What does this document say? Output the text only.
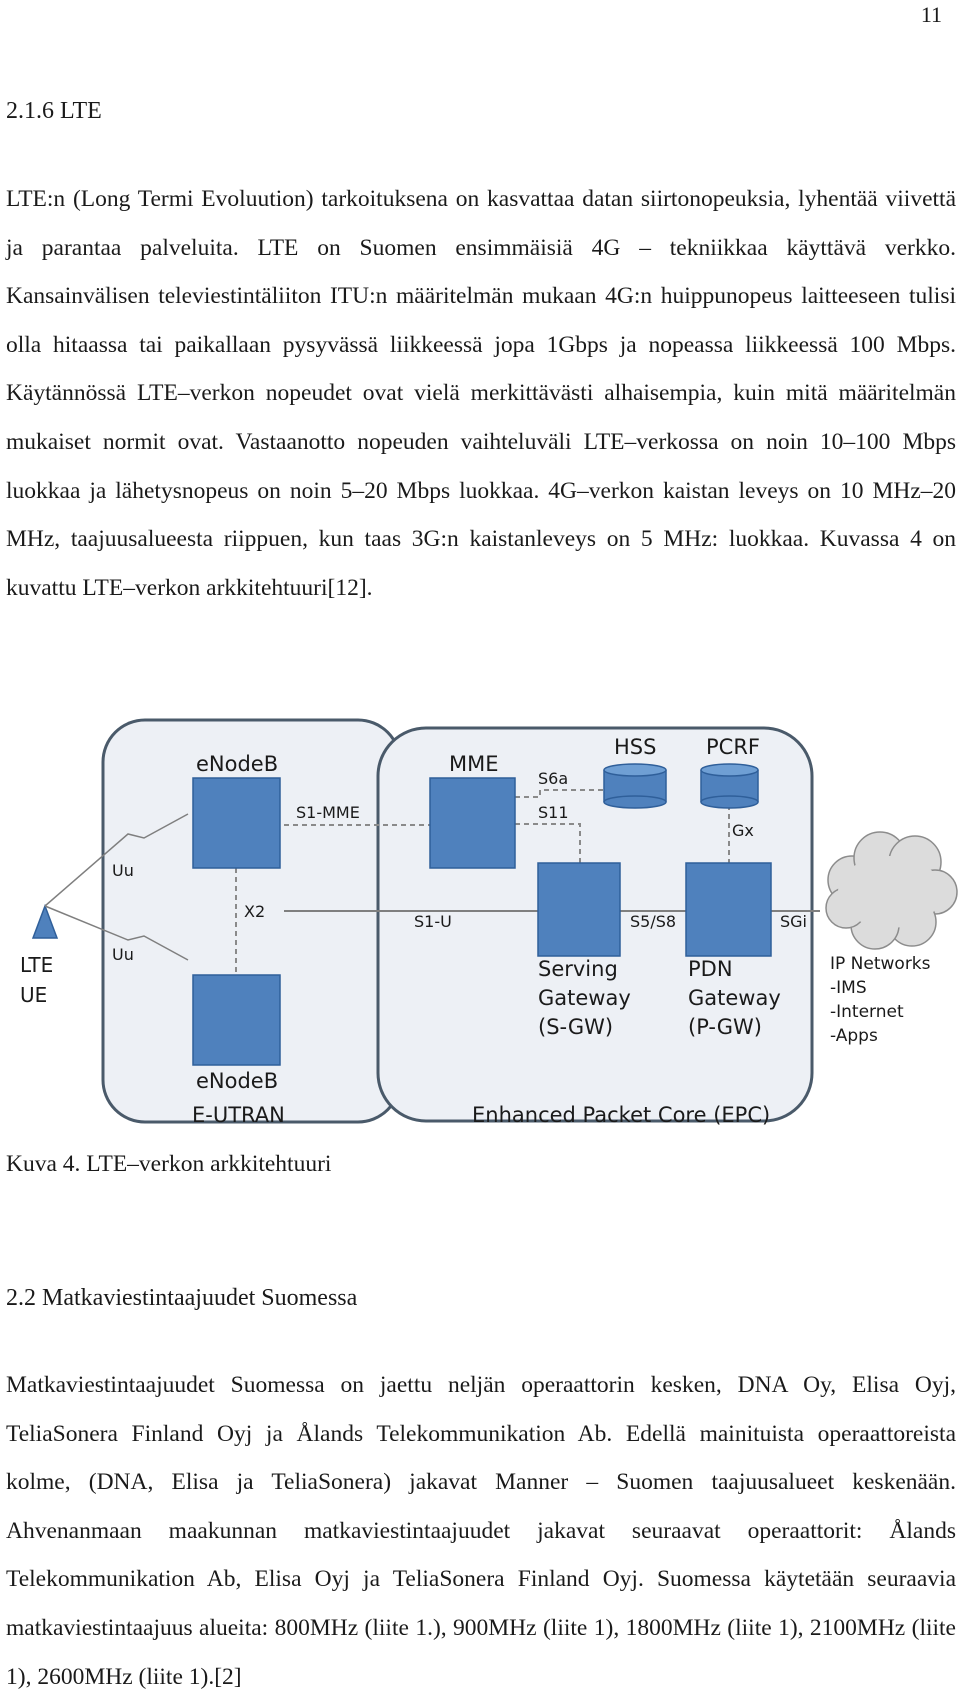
11
2.1.6 LTE

LTE:n (Long Termi Evoluution) tarkoituksena on kasvattaa datan siirtonopeuksia, lyhentää viivettä ja parantaa palveluita. LTE on Suomen ensimmäisiä 4G – tekniikkaa käyttävä verkko. Kansainvälisen televiestintäliiton ITU:n määritelmän mukaan 4G:n huippunopeus laitteeseen tulisi olla hitaassa tai paikallaan pysyvässä liikkeessä jopa 1Gbps ja nopeassa liikkeessä 100 Mbps. Käytännössä LTE–verkon nopeudet ovat vielä merkittävästi alhaisempia, kuin mitä määritelmän mukaiset normit ovat. Vastaanotto nopeuden vaihteluväli LTE–verkossa on noin 10–100 Mbps luokkaa ja lähetysnopeus on noin 5–20 Mbps luokkaa. 4G–verkon kaistan leveys on 10 MHz–20 MHz, taajuusalueesta riippuen, kun taas 3G:n kaistanleveys on 5 MHz: luokkaa. Kuvassa 4 on kuvattu LTE–verkon arkkitehtuuri[12].

eNodeB
eNodeB
E-UTRAN
MME
HSS PCRF
S6a
S11
S1-MME
Gx
Uu
Uu
X2
S1-U	S5/S8	SGi
LTE
UE
Serving
Gateway
(S-GW)
PDN
Gateway
(P-GW)
IP Networks
-IMS
-Internet
-Apps
Enhanced Packet Core (EPC)

Kuva 4. LTE–verkon arkkitehtuuri

2.2 Matkaviestintaajuudet Suomessa

Matkaviestintaajuudet Suomessa on jaettu neljän operaattorin kesken, DNA Oy, Elisa Oyj, TeliaSonera Finland Oyj ja Ålands Telekommunikation Ab. Edellä mainituista operaattoreista kolme, (DNA, Elisa ja TeliaSonera) jakavat Manner – Suomen taajuusalueet keskenään. Ahvenanmaan maakunnan matkaviestintaajuudet jakavat seuraavat operaattorit: Ålands Telekommunikation Ab, Elisa Oyj ja TeliaSonera Finland Oyj. Suomessa käytetään seuraavia matkaviestintaajuus alueita: 800MHz (liite 1.), 900MHz (liite 1), 1800MHz (liite 1), 2100MHz (liite 1), 2600MHz (liite 1).[2]
